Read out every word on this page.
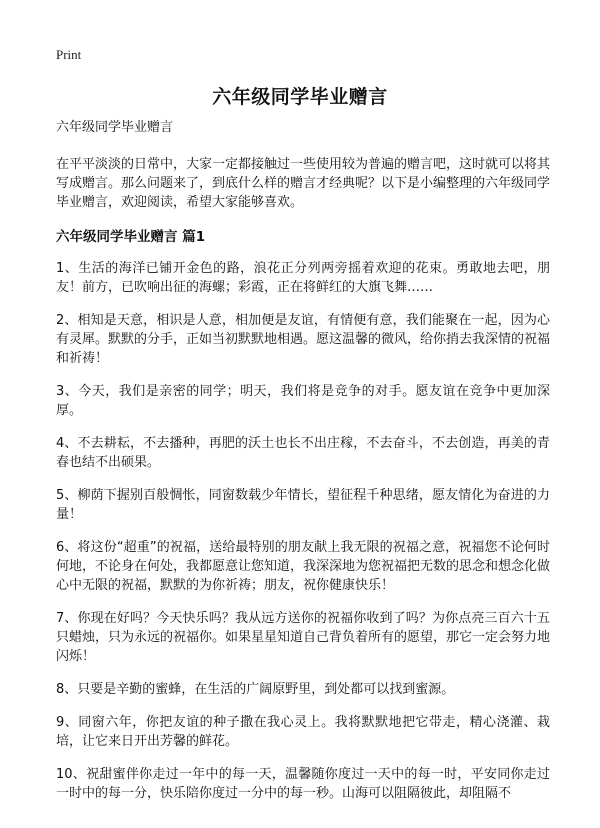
Print
六年级同学毕业赠言

六年级同学毕业赠言

在平平淡淡的日常中，大家一定都接触过一些使用较为普遍的赠言吧，这时就可以将其写成赠言。那么问题来了，到底什么样的赠言才经典呢？以下是小编整理的六年级同学毕业赠言，欢迎阅读，希望大家能够喜欢。

六年级同学毕业赠言 篇1

1、生活的海洋已铺开金色的路，浪花正分列两旁摇着欢迎的花束。勇敢地去吧，朋友！前方，已吹响出征的海螺；彩霞，正在将鲜红的大旗飞舞……

2、相知是天意，相识是人意，相加便是友谊，有情便有意，我们能聚在一起，因为心有灵犀。默默的分手，正如当初默默地相遇。愿这温馨的微风，给你捎去我深情的祝福和祈祷！

3、今天，我们是亲密的同学；明天，我们将是竞争的对手。愿友谊在竞争中更加深厚。

4、不去耕耘，不去播种，再肥的沃土也长不出庄稼，不去奋斗，不去创造，再美的青春也结不出硕果。

5、柳荫下握别百般惆怅，同窗数载少年情长，望征程千种思绪，愿友情化为奋进的力量！

6、将这份“超重”的祝福，送给最特别的朋友献上我无限的祝福之意，祝福您不论何时何地，不论身在何处，我都愿意让您知道，我深深地为您祝福把无数的思念和想念化做心中无限的祝福，默默的为你祈祷；朋友，祝你健康快乐！

7、你现在好吗？今天快乐吗？我从远方送你的祝福你收到了吗？为你点亮三百六十五只蜡烛，只为永远的祝福你。如果星星知道自己背负着所有的愿望，那它一定会努力地闪烁！

8、只要是辛勤的蜜蜂，在生活的广阔原野里，到处都可以找到蜜源。

9、同窗六年，你把友谊的种子撒在我心灵上。我将默默地把它带走，精心浇灌、栽培，让它来日开出芳馨的鲜花。

10、祝甜蜜伴你走过一年中的每一天，温馨随你度过一天中的每一时，平安同你走过一时中的每一分，快乐陪你度过一分中的每一秒。山海可以阻隔彼此，却阻隔不
